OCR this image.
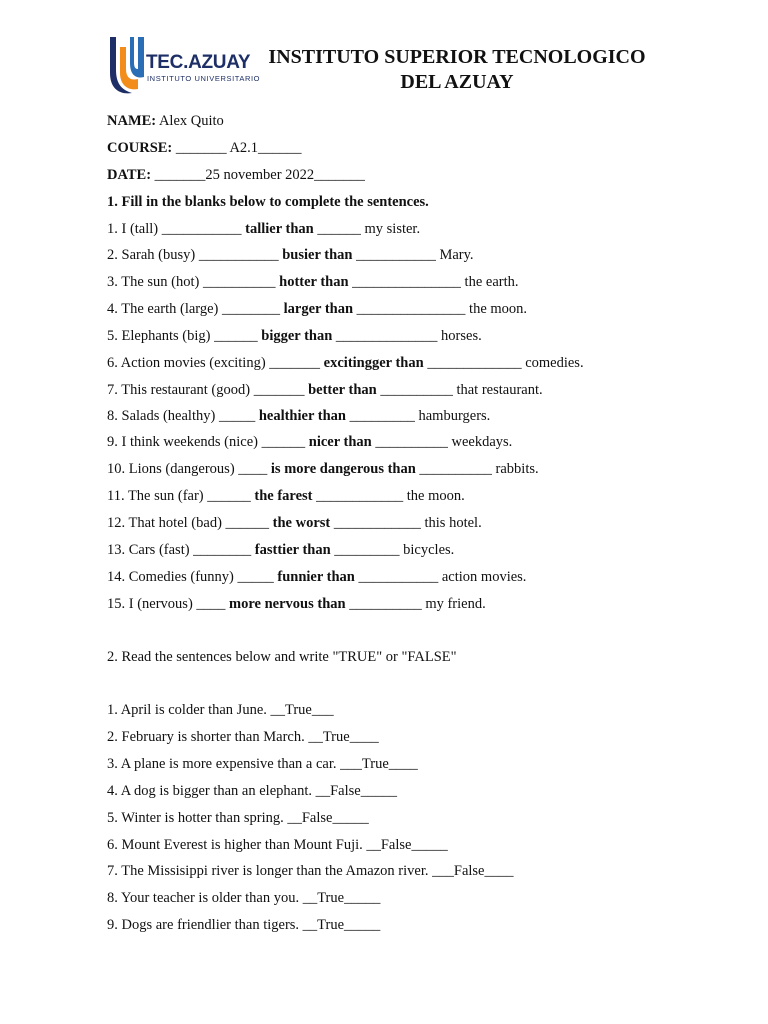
TEC.AZUAY
INSTITUTO UNIVERSITARIO
INSTITUTO SUPERIOR TECNOLOGICO
DEL AZUAY
NAME: Alex Quito
COURSE: _______ A2.1______
DATE: _______25 november 2022_______
1. Fill in the blanks below to complete the sentences.
1. I (tall) ___________ tallier than ______ my sister.
2. Sarah (busy) ___________ busier than ___________ Mary.
3. The sun (hot) __________ hotter than _______________ the earth.
4. The earth (large) ________ larger than _______________ the moon.
5. Elephants (big) ______ bigger than ______________ horses.
6. Action movies (exciting) _______ excitingger than _____________ comedies.
7. This restaurant (good) _______ better than __________ that restaurant.
8. Salads (healthy) _____ healthier than _________ hamburgers.
9. I think weekends (nice) ______ nicer than __________ weekdays.
10. Lions (dangerous) ____ is more dangerous than __________ rabbits.
11. The sun (far) ______ the farest ____________ the moon.
12. That hotel (bad) ______ the worst ____________ this hotel.
13. Cars (fast) ________ fasttier than _________ bicycles.
14. Comedies (funny) _____ funnier than ___________ action movies.
15. I (nervous) ____ more nervous than __________ my friend.
2. Read the sentences below and write "TRUE" or "FALSE"
1. April is colder than June. __True___
2. February is shorter than March. __True____
3. A plane is more expensive than a car. ___True____
4. A dog is bigger than an elephant. __False_____
5. Winter is hotter than spring. __False_____
6. Mount Everest is higher than Mount Fuji. __False_____
7. The Missisippi river is longer than the Amazon river. ___False____
8. Your teacher is older than you. __True_____
9. Dogs are friendlier than tigers. __True_____
